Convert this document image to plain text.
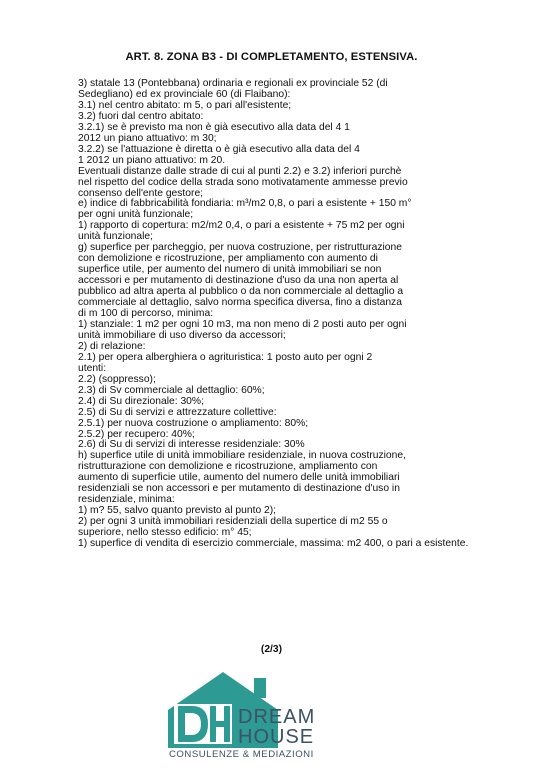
ART. 8. ZONA B3 - DI COMPLETAMENTO, ESTENSIVA.
3) statale 13 (Pontebbana) ordinaria e regionali ex provinciale 52 (di
Sedegliano) ed ex provinciale 60 (di Flaibano):
3.1) nel centro abitato: m 5, o pari all'esistente;
3.2) fuori dal centro abitato:
3.2.1) se è previsto ma non è già esecutivo alla data del 4 1
2012 un piano attuativo: m 30;
3.2.2) se l'attuazione è diretta o è già esecutivo alla data del 4
1 2012 un piano attuativo: m 20.
Eventuali distanze dalle strade di cui al punti 2.2) e 3.2) inferiori purchè
nel rispetto del codice della strada sono motivatamente ammesse previo
consenso dell'ente gestore;
e) indice di fabbricabilità fondiaria: m³/m2 0,8, o pari a esistente + 150 m°
per ogni unità funzionale;
1) rapporto di copertura: m2/m2 0,4, o pari a esistente + 75 m2 per ogni
unità funzionale;
g) superfice per parcheggio, per nuova costruzione, per ristrutturazione
con demolizione e ricostruzione, per ampliamento con aumento di
superfice utile, per aumento del numero di unità immobiliari se non
accessori e per mutamento di destinazione d'uso da una non aperta al
pubblico ad altra aperta al pubblico o da non commerciale al dettaglio a
commerciale al dettaglio, salvo norma specifica diversa, fino a distanza
di m 100 di percorso, minima:
1) stanziale: 1 m2 per ogni 10 m3, ma non meno di 2 posti auto per ogni
unità immobiliare di uso diverso da accessori;
2) di relazione:
2.1) per opera alberghiera o agrituristica: 1 posto auto per ogni 2
utenti:
2.2) (soppresso);
2.3) di Sv commerciale al dettaglio: 60%;
2.4) di Su direzionale: 30%;
2.5) di Su di servizi e attrezzature collettive:
2.5.1) per nuova costruzione o ampliamento: 80%;
2.5.2) per recupero: 40%;
2.6) di Su di servizi di interesse residenziale: 30%
h) superfice utile di unità immobiliare residenziale, in nuova costruzione,
ristrutturazione con demolizione e ricostruzione, ampliamento con
aumento di superficie utile, aumento del numero delle unità immobiliari
residenziali se non accessori e per mutamento di destinazione d'uso in
residenziale, minima:
1) m? 55, salvo quanto previsto al punto 2);
2) per ogni 3 unità immobiliari residenziali della supertice di m2 55 o
superiore, nello stesso edificio: m° 45;
1) superfice di vendita di esercizio commerciale, massima: m2 400, o pari a esistente.
(2/3)
DREAM
HOUSE
CONSULENZE & MEDIAZIONI
